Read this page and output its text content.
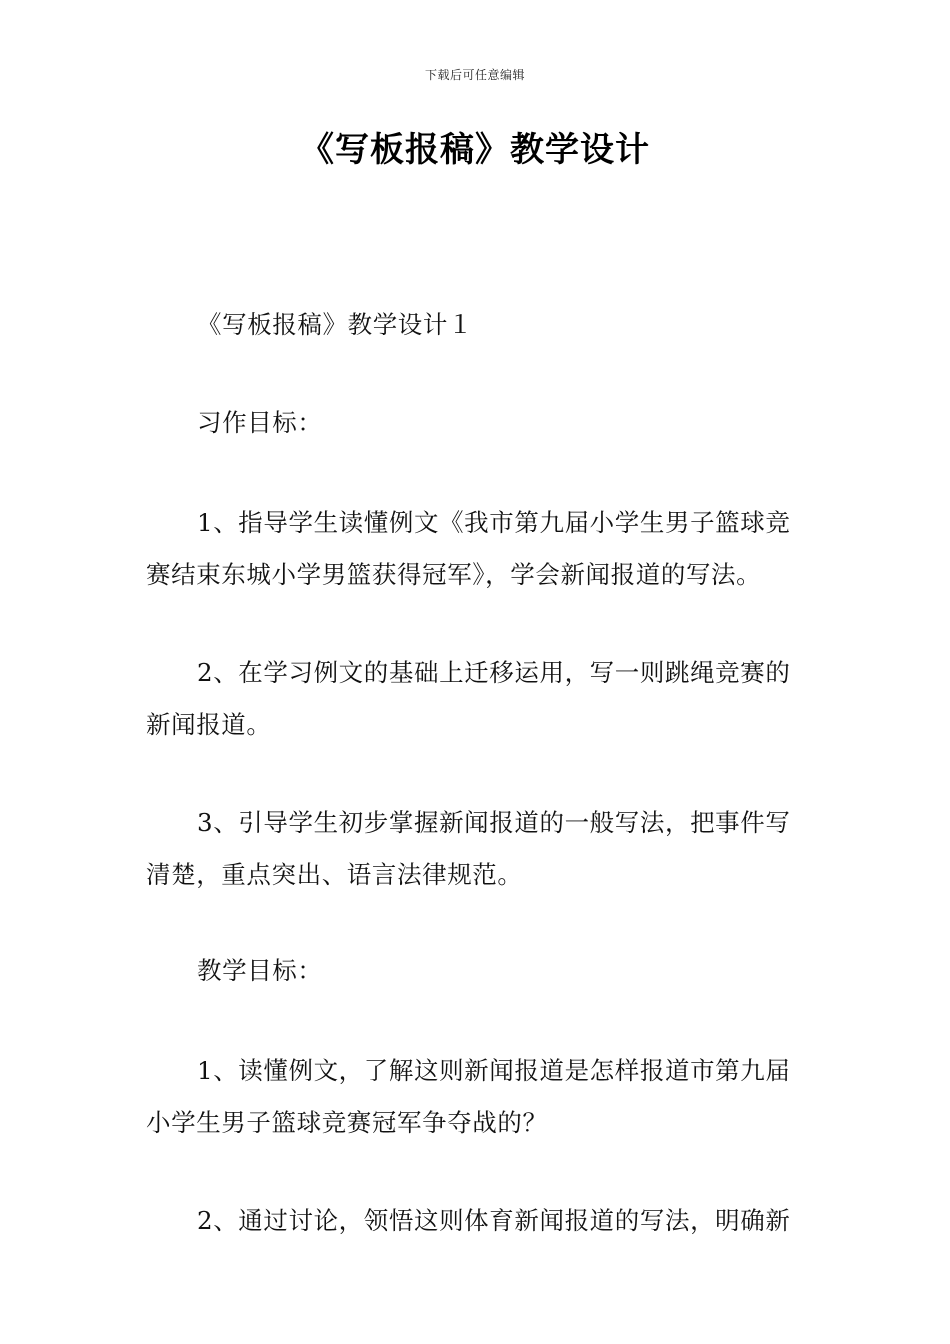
下载后可任意编辑
《写板报稿》教学设计

《写板报稿》教学设计１

习作目标：

1、指导学生读懂例文《我市第九届小学生男子篮球竞赛结束东城小学男篮获得冠军》，学会新闻报道的写法。

2、在学习例文的基础上迁移运用，写一则跳绳竞赛的新闻报道。

3、引导学生初步掌握新闻报道的一般写法，把事件写清楚，重点突出、语言法律规范。

教学目标：

1、读懂例文，了解这则新闻报道是怎样报道市第九届小学生男子篮球竞赛冠军争夺战的？

2、通过讨论，领悟这则体育新闻报道的写法，明确新
